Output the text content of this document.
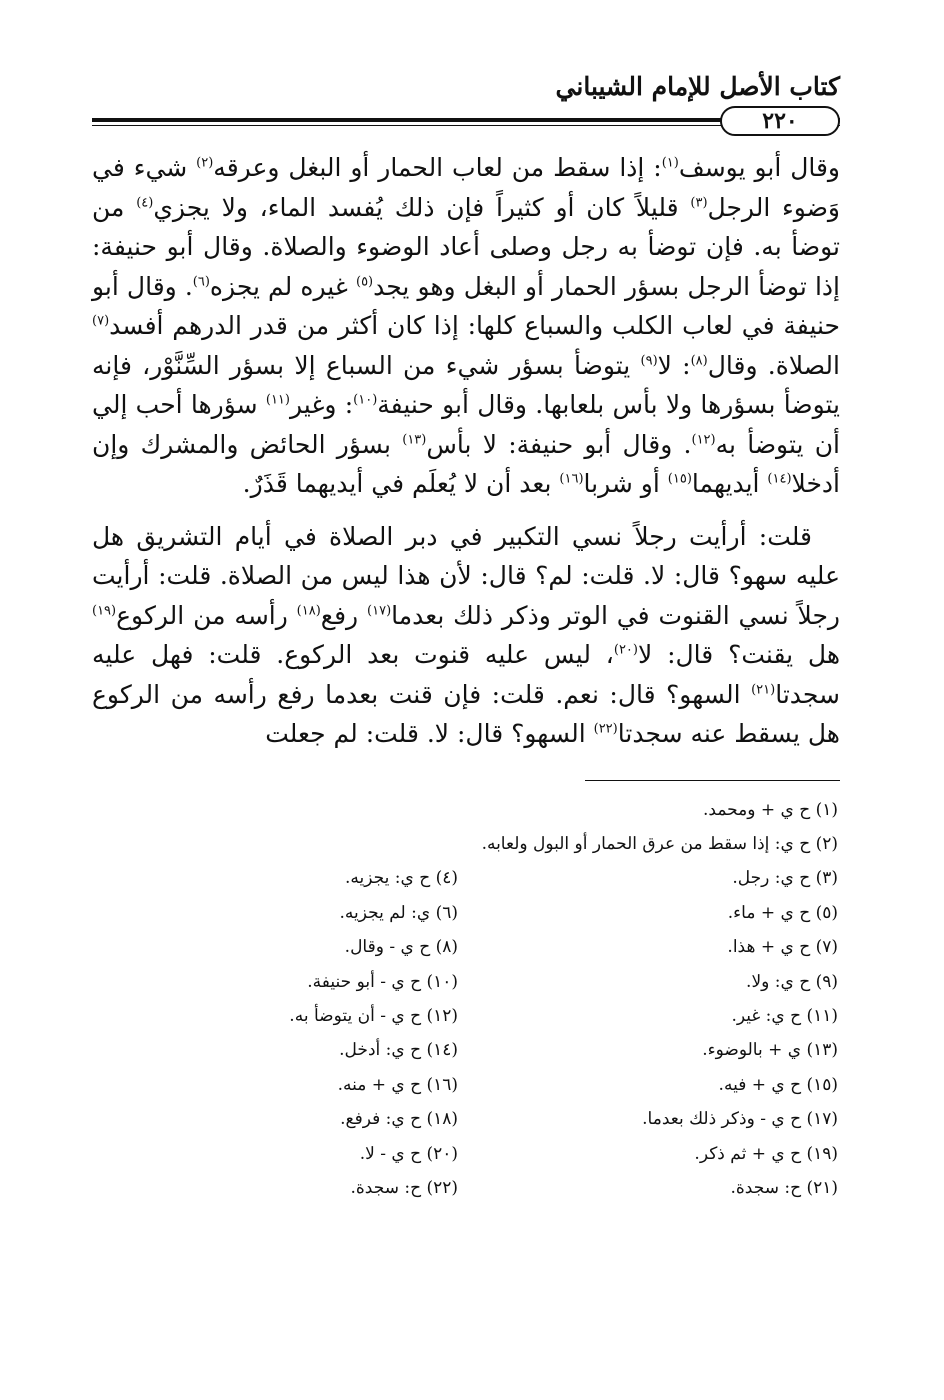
كتاب الأصل للإمام الشيباني
٢٢٠

وقال أبو يوسف$^{(١)}$: إذا سقط من لعاب الحمار أو البغل وعرقه$^{(٢)}$ شيء في وَضوء الرجل$^{(٣)}$ قليلاً كان أو كثيراً فإن ذلك يُفسد الماء، ولا يجزي$^{(٤)}$ من توضأ به. فإن توضأ به رجل وصلى أعاد الوضوء والصلاة. وقال أبو حنيفة: إذا توضأ الرجل بسؤر الحمار أو البغل وهو يجد$^{(٥)}$ غيره لم يجزه$^{(٦)}$. وقال أبو حنيفة في لعاب الكلب والسباع كلها: إذا كان أكثر من قدر الدرهم أفسد$^{(٧)}$ الصلاة. وقال$^{(٨)}$: لا$^{(٩)}$ يتوضأ بسؤر شيء من السباع إلا بسؤر السِّنَّوْر، فإنه يتوضأ بسؤرها ولا بأس بلعابها. وقال أبو حنيفة$^{(١٠)}$: وغير$^{(١١)}$ سؤرها أحب إلي أن يتوضأ به$^{(١٢)}$. وقال أبو حنيفة: لا بأس$^{(١٣)}$ بسؤر الحائض والمشرك وإن أدخلا$^{(١٤)}$ أيديهما$^{(١٥)}$ أو شربا$^{(١٦)}$ بعد أن لا يُعلَم في أيديهما قَذَرٌ.

قلت: أرأيت رجلاً نسي التكبير في دبر الصلاة في أيام التشريق هل عليه سهو؟ قال: لا. قلت: لم؟ قال: لأن هذا ليس من الصلاة. قلت: أرأيت رجلاً نسي القنوت في الوتر وذكر ذلك بعدما$^{(١٧)}$ رفع$^{(١٨)}$ رأسه من الركوع$^{(١٩)}$ هل يقنت؟ قال: لا$^{(٢٠)}$، ليس عليه قنوت بعد الركوع. قلت: فهل عليه سجدتا$^{(٢١)}$ السهو؟ قال: نعم. قلت: فإن قنت بعدما رفع رأسه من الركوع هل يسقط عنه سجدتا$^{(٢٢)}$ السهو؟ قال: لا. قلت: لم جعلت

(١) ح ي + ومحمد.
(٢) ح ي: إذا سقط من عرق الحمار أو البول ولعابه.
(٣) ح ي: رجل.
(٤) ح ي: يجزيه.
(٥) ح ي + ماء.
(٦) ي: لم يجزيه.
(٧) ح ي + هذا.
(٨) ح ي - وقال.
(٩) ح ي: ولا.
(١٠) ح ي - أبو حنيفة.
(١١) ح ي: غير.
(١٢) ح ي - أن يتوضأ به.
(١٣) ي + بالوضوء.
(١٤) ح ي: أدخل.
(١٥) ح ي + فيه.
(١٦) ح ي + منه.
(١٧) ح ي - وذكر ذلك بعدما.
(١٨) ح ي: فرفع.
(١٩) ح ي + ثم ذكر.
(٢٠) ح ي - لا.
(٢١) ح: سجدة.
(٢٢) ح: سجدة.
